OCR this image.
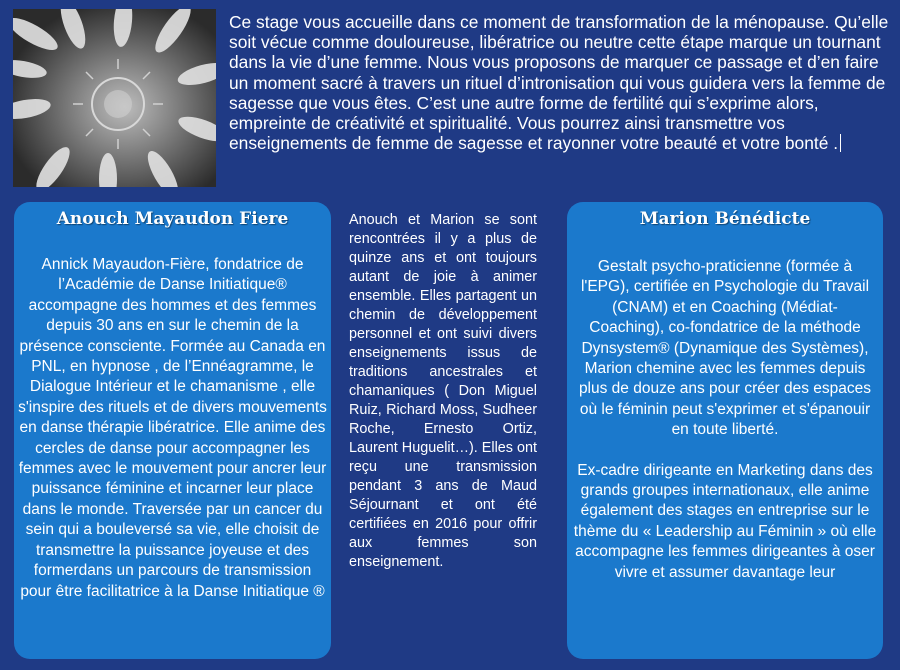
Ce stage vous accueille dans ce moment de transformation de la ménopause. Qu’elle soit vécue comme douloureuse, libératrice ou neutre cette étape marque un tournant dans la vie d’une femme. Nous vous proposons de marquer ce passage et d’en faire un moment sacré à travers un rituel d’intronisation qui vous guidera vers la femme de sagesse que vous êtes. C’est une autre forme de fertilité qui s’exprime alors, empreinte de créativité et spiritualité. Vous pourrez ainsi transmettre vos enseignements de femme de sagesse et rayonner votre beauté et votre bonté .

Anouch Mayaudon Fiere

Annick Mayaudon-Fière, fondatrice de l’Académie de Danse Initiatique® accompagne des hommes et des femmes depuis 30 ans en sur le chemin de la présence consciente. Formée au Canada en PNL, en hypnose , de l’Ennéagramme, le Dialogue Intérieur et le chamanisme , elle s'inspire des rituels et de divers mouvements en danse thérapie libératrice. Elle anime des cercles de danse pour accompagner les femmes avec le mouvement pour ancrer leur puissance féminine et incarner leur place dans le monde. Traversée par un cancer du sein qui a bouleversé sa vie, elle choisit de transmettre la puissance joyeuse et des formerdans un parcours de transmission pour être facilitatrice à la Danse Initiatique ®

Anouch et Marion se sont rencontrées il y a plus de quinze ans et ont toujours autant de joie à animer ensemble. Elles partagent un chemin de développement personnel et ont suivi divers enseignements issus de traditions ancestrales et chamaniques ( Don Miguel Ruiz, Richard Moss, Sudheer Roche, Ernesto Ortiz, Laurent Huguelit…). Elles ont reçu une transmission pendant 3 ans de Maud Séjournant et ont été certifiées en 2016 pour offrir aux femmes son enseignement.

Marion Bénédicte

Gestalt psycho-praticienne (formée à l'EPG), certifiée en Psychologie du Travail (CNAM) et en Coaching (Médiat- Coaching), co-fondatrice de la méthode Dynsystem® (Dynamique des Systèmes), Marion chemine avec les femmes depuis plus de douze ans pour créer des espaces où le féminin peut s'exprimer et s'épanouir en toute liberté.

Ex-cadre dirigeante en Marketing dans des grands groupes internationaux, elle anime également des stages en entreprise sur le thème du « Leadership au Féminin » où elle accompagne les femmes dirigeantes à oser vivre et assumer davantage leur
